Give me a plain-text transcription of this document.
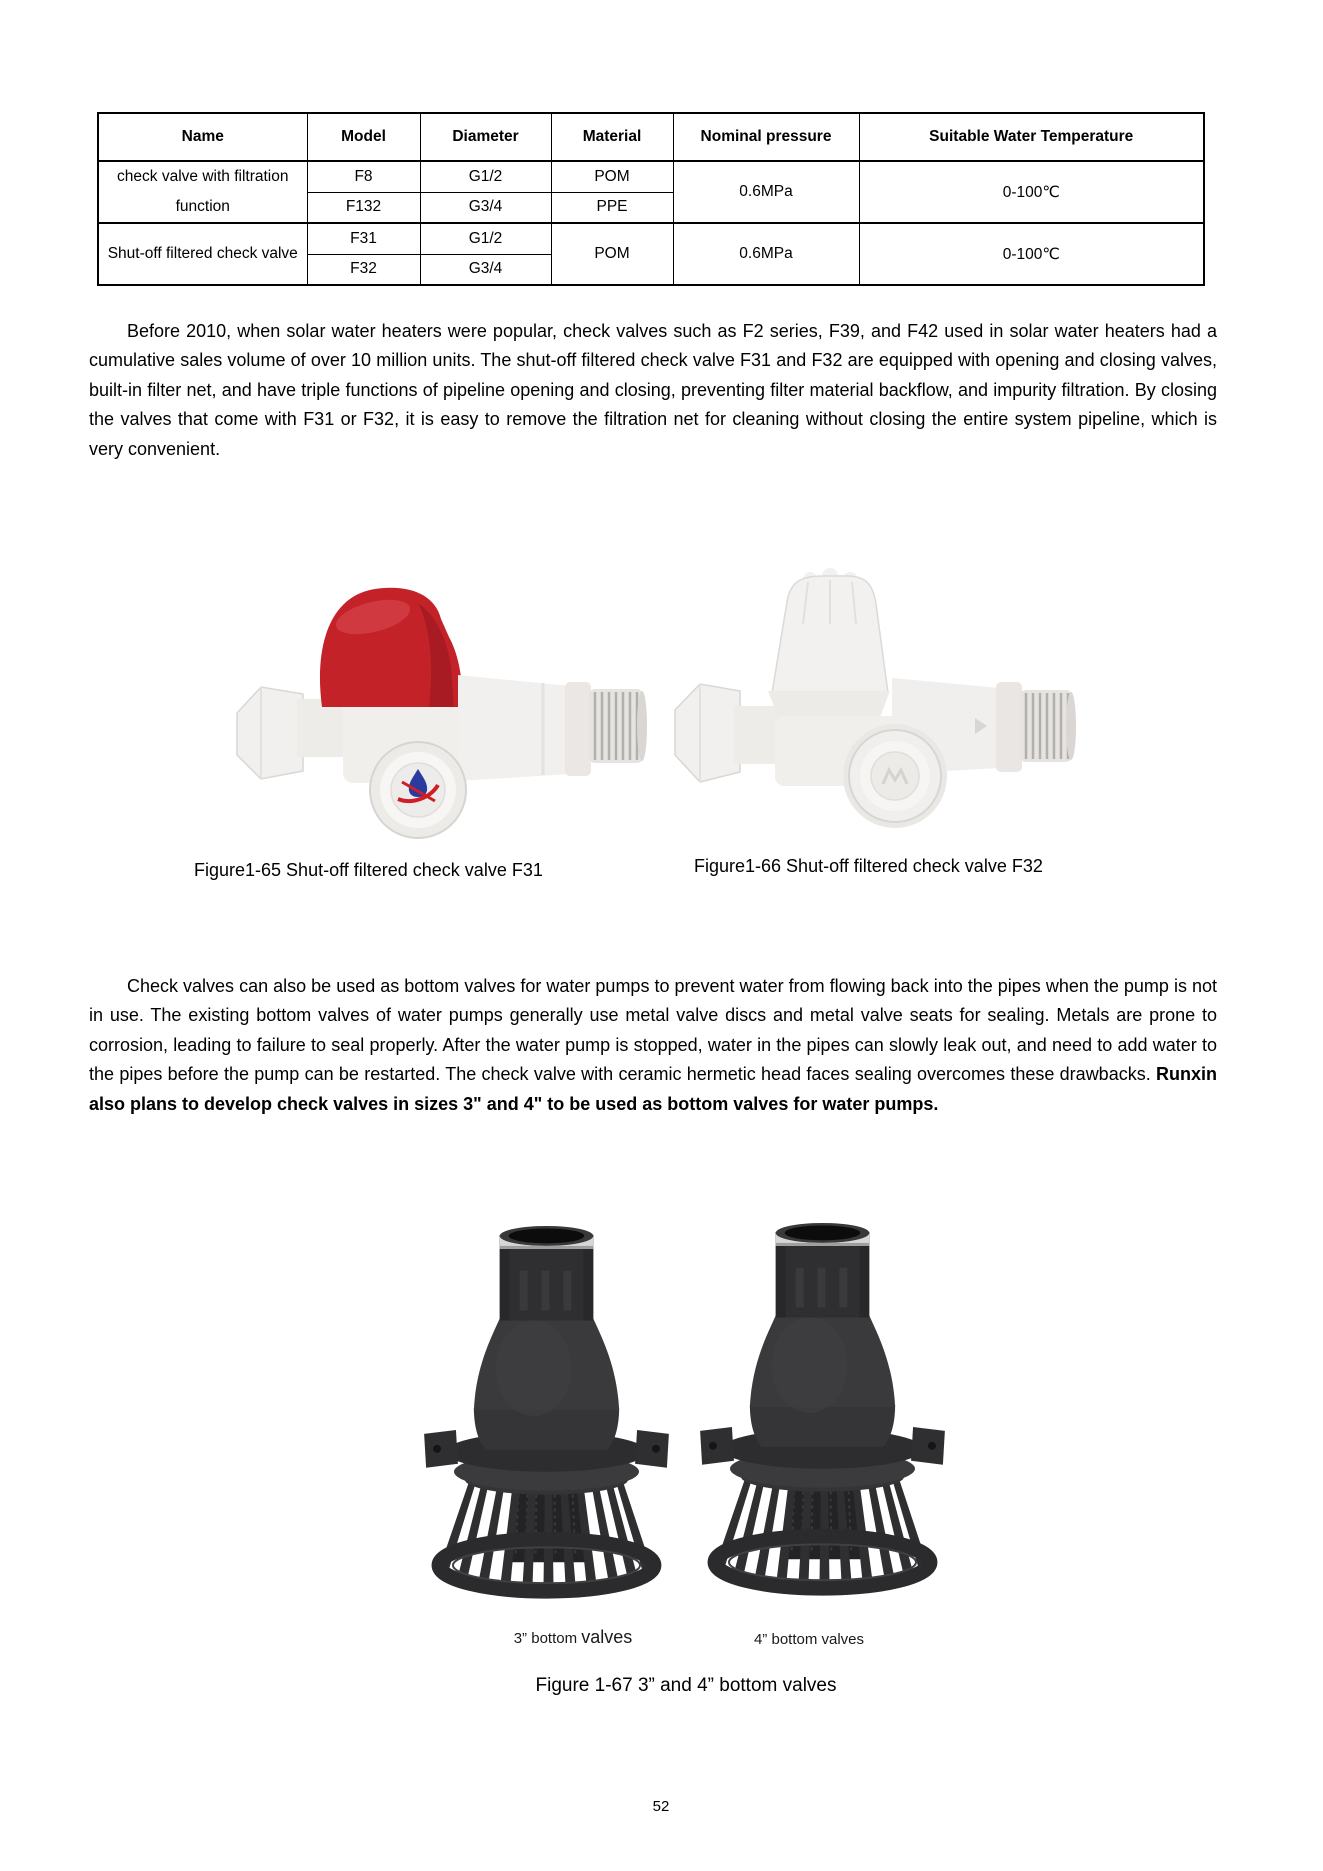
Name	Model	Diameter	Material	Nominal pressure	Suitable Water Temperature
check valve with filtration function	F8	G1/2	POM	0.6MPa	0-100℃
	F132	G3/4	PPE		
Shut-off filtered check valve	F31	G1/2	POM	0.6MPa	0-100℃
	F32	G3/4			

Before 2010, when solar water heaters were popular, check valves such as F2 series, F39, and F42 used in solar water heaters had a cumulative sales volume of over 10 million units. The shut-off filtered check valve F31 and F32 are equipped with opening and closing valves, built-in filter net, and have triple functions of pipeline opening and closing, preventing filter material backflow, and impurity filtration. By closing the valves that come with F31 or F32, it is easy to remove the filtration net for cleaning without closing the entire system pipeline, which is very convenient.

Figure1-65 Shut-off filtered check valve F31	Figure1-66 Shut-off filtered check valve F32

Check valves can also be used as bottom valves for water pumps to prevent water from flowing back into the pipes when the pump is not in use. The existing bottom valves of water pumps generally use metal valve discs and metal valve seats for sealing. Metals are prone to corrosion, leading to failure to seal properly. After the water pump is stopped, water in the pipes can slowly leak out, and need to add water to the pipes before the pump can be restarted. The check valve with ceramic hermetic head faces sealing overcomes these drawbacks. Runxin also plans to develop check valves in sizes 3" and 4" to be used as bottom valves for water pumps.

3” bottom valves	4” bottom valves
Figure 1-67 3” and 4” bottom valves
52
